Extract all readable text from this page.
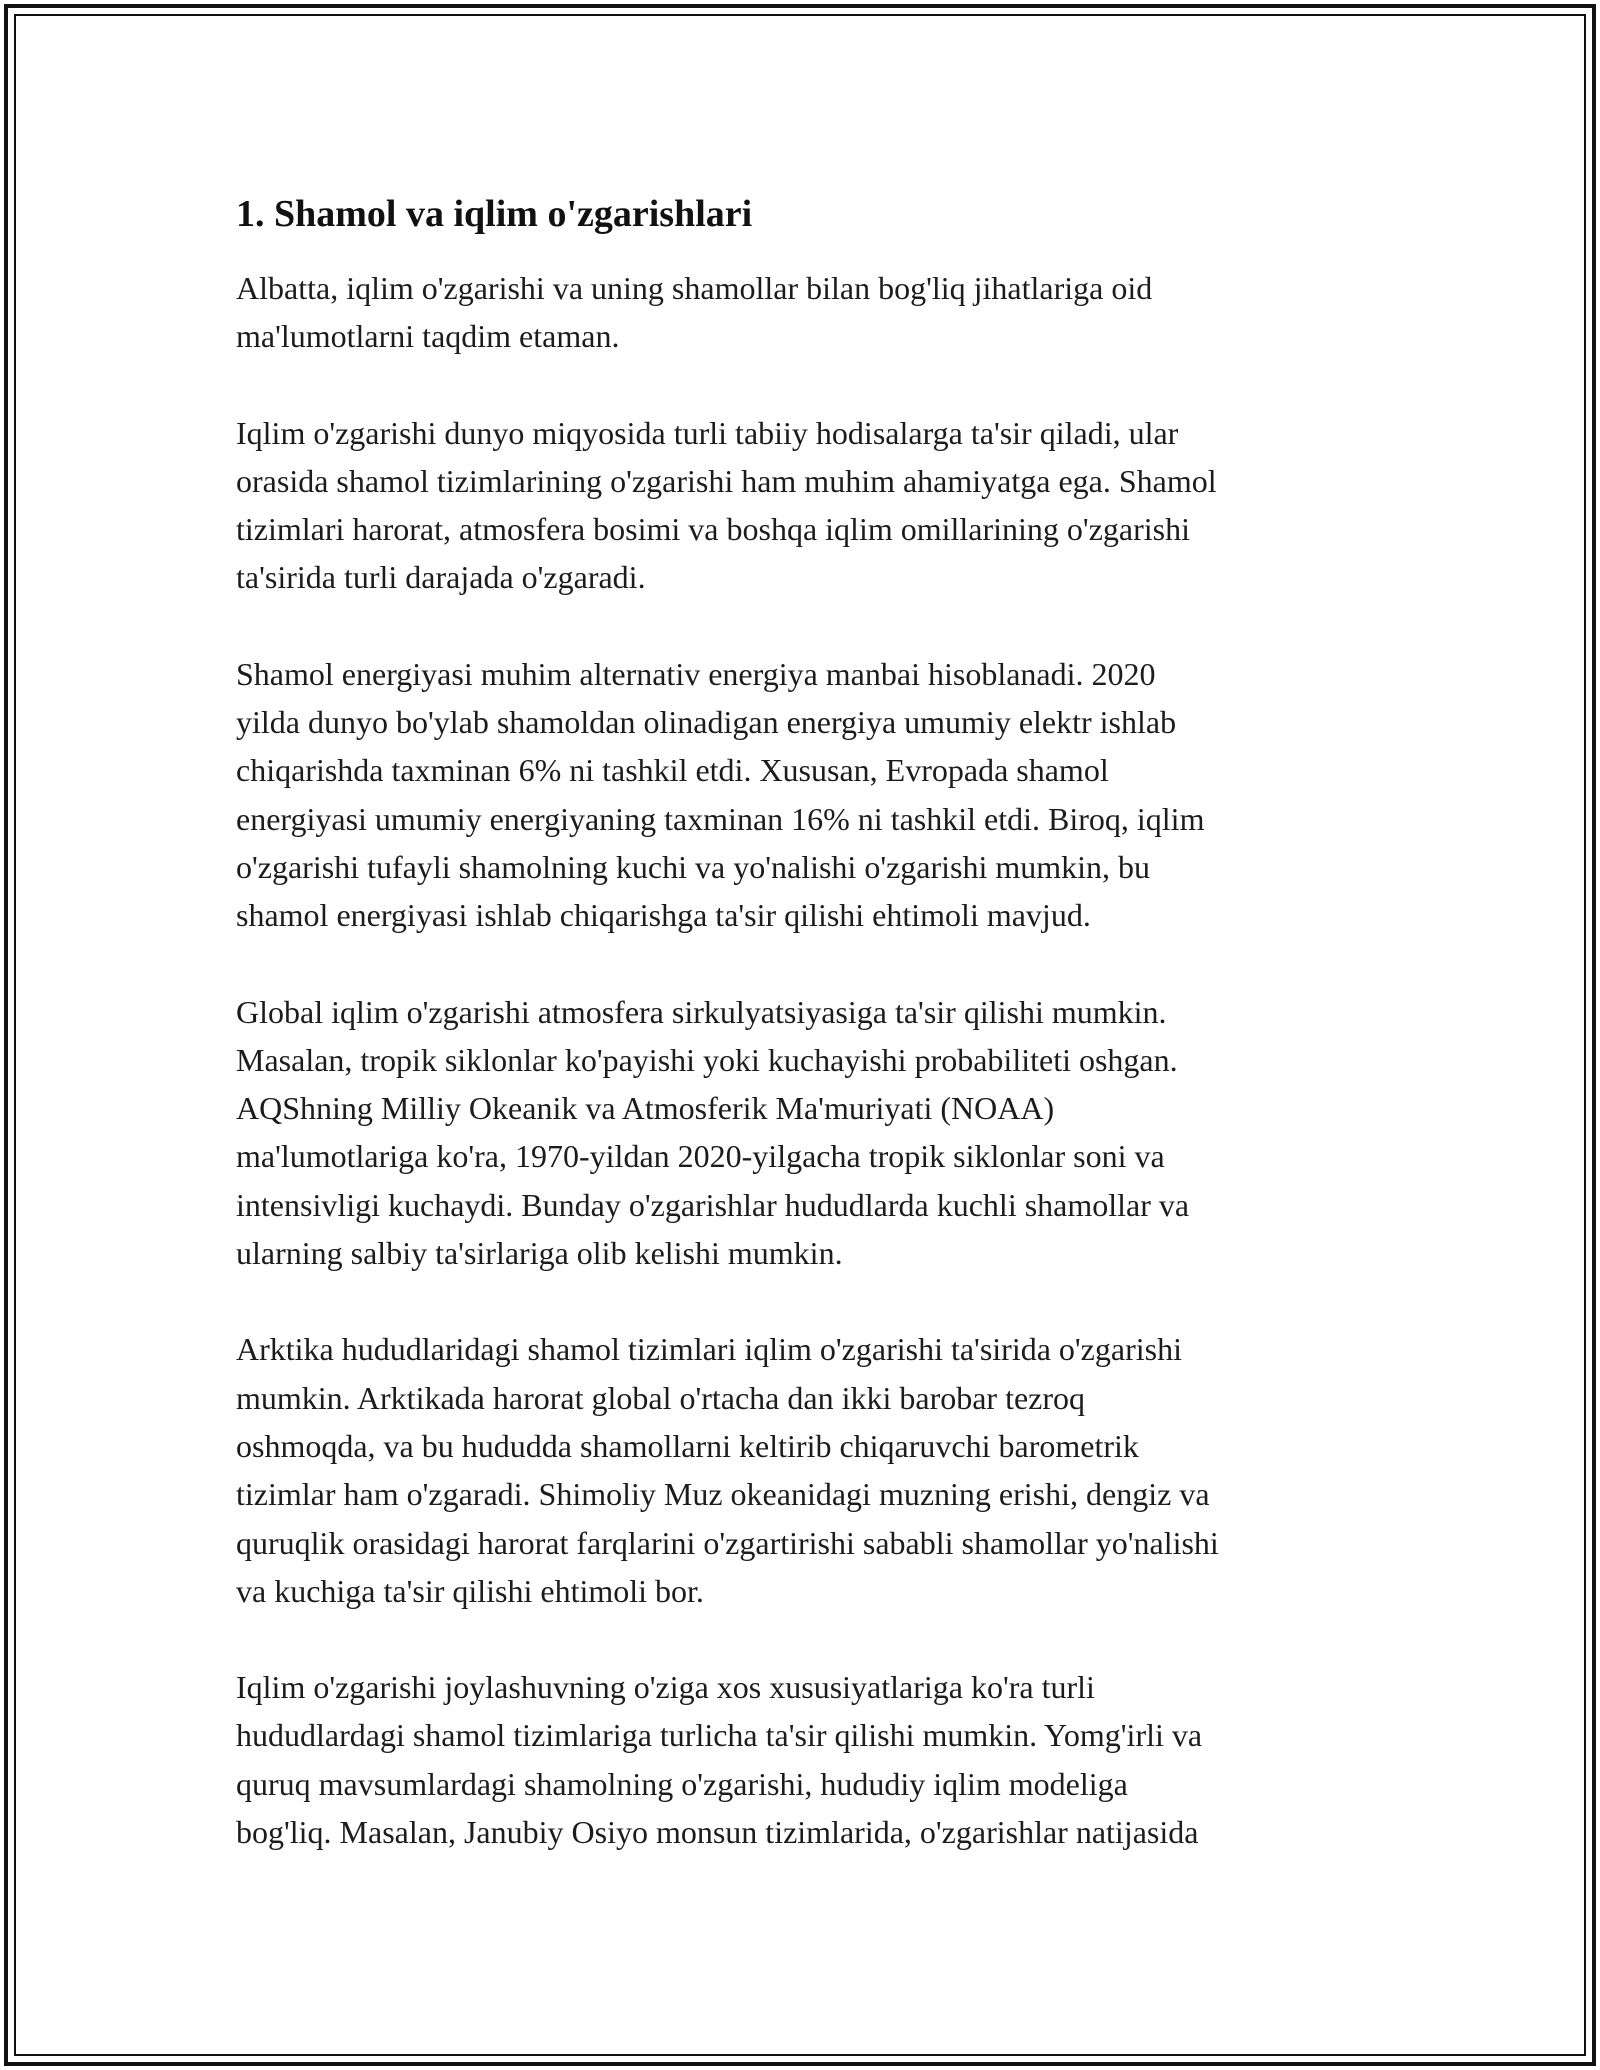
1. Shamol va iqlim o'zgarishlari

Albatta, iqlim o'zgarishi va uning shamollar bilan bog'liq jihatlariga oid
ma'lumotlarni taqdim etaman.

Iqlim o'zgarishi dunyo miqyosida turli tabiiy hodisalarga ta'sir qiladi, ular
orasida shamol tizimlarining o'zgarishi ham muhim ahamiyatga ega. Shamol
tizimlari harorat, atmosfera bosimi va boshqa iqlim omillarining o'zgarishi
ta'sirida turli darajada o'zgaradi.

Shamol energiyasi muhim alternativ energiya manbai hisoblanadi. 2020
yilda dunyo bo'ylab shamoldan olinadigan energiya umumiy elektr ishlab
chiqarishda taxminan 6% ni tashkil etdi. Xususan, Evropada shamol
energiyasi umumiy energiyaning taxminan 16% ni tashkil etdi. Biroq, iqlim
o'zgarishi tufayli shamolning kuchi va yo'nalishi o'zgarishi mumkin, bu
shamol energiyasi ishlab chiqarishga ta'sir qilishi ehtimoli mavjud.

Global iqlim o'zgarishi atmosfera sirkulyatsiyasiga ta'sir qilishi mumkin.
Masalan, tropik siklonlar ko'payishi yoki kuchayishi probabiliteti oshgan.
AQShning Milliy Okeanik va Atmosferik Ma'muriyati (NOAA)
ma'lumotlariga ko'ra, 1970-yildan 2020-yilgacha tropik siklonlar soni va
intensivligi kuchaydi. Bunday o'zgarishlar hududlarda kuchli shamollar va
ularning salbiy ta'sirlariga olib kelishi mumkin.

Arktika hududlaridagi shamol tizimlari iqlim o'zgarishi ta'sirida o'zgarishi
mumkin. Arktikada harorat global o'rtacha dan ikki barobar tezroq
oshmoqda, va bu hududda shamollarni keltirib chiqaruvchi barometrik
tizimlar ham o'zgaradi. Shimoliy Muz okeanidagi muzning erishi, dengiz va
quruqlik orasidagi harorat farqlarini o'zgartirishi sababli shamollar yo'nalishi
va kuchiga ta'sir qilishi ehtimoli bor.

Iqlim o'zgarishi joylashuvning o'ziga xos xususiyatlariga ko'ra turli
hududlardagi shamol tizimlariga turlicha ta'sir qilishi mumkin. Yomg'irli va
quruq mavsumlardagi shamolning o'zgarishi, hududiy iqlim modeliga
bog'liq. Masalan, Janubiy Osiyo monsun tizimlarida, o'zgarishlar natijasida
